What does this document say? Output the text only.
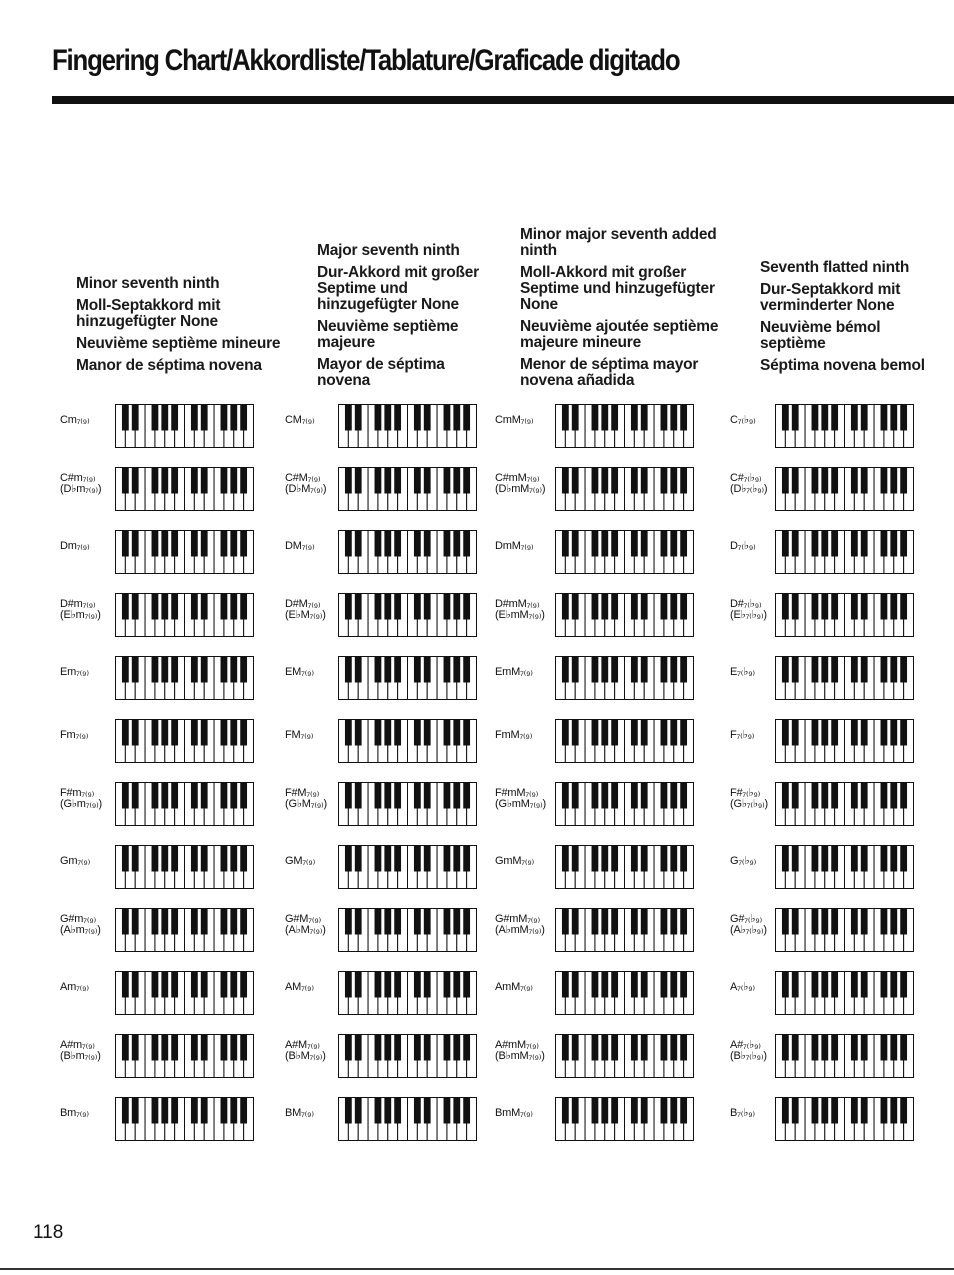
Fingering Chart/Akkordliste/Tablature/Graficade digitado

Minor seventh ninth

Moll-Septakkord mit hinzugefügter None

Neuvième septième mineure

Manor de séptima novena

Major seventh ninth

Dur-Akkord mit großer Septime und hinzugefügter None

Neuvième septième majeure

Mayor de séptima novena

Minor major seventh added ninth

Moll-Akkord mit großer Septime und hinzugefügter None

Neuvième ajoutée septième majeure mineure

Menor de séptima mayor novena añadida

Seventh flatted ninth

Dur-Septakkord mit verminderter None

Neuvième bémol septième

Séptima novena bemol

Cm₇₍₉₎
C#m₇₍₉₎
(D♭m₇₍₉₎)
Dm₇₍₉₎
D#m₇₍₉₎
(E♭m₇₍₉₎)
Em₇₍₉₎
Fm₇₍₉₎
F#m₇₍₉₎
(G♭m₇₍₉₎)
Gm₇₍₉₎
G#m₇₍₉₎
(A♭m₇₍₉₎)
Am₇₍₉₎
A#m₇₍₉₎
(B♭m₇₍₉₎)
Bm₇₍₉₎
CM₇₍₉₎
C#M₇₍₉₎
(D♭M₇₍₉₎)
DM₇₍₉₎
D#M₇₍₉₎
(E♭M₇₍₉₎)
EM₇₍₉₎
FM₇₍₉₎
F#M₇₍₉₎
(G♭M₇₍₉₎)
GM₇₍₉₎
G#M₇₍₉₎
(A♭M₇₍₉₎)
AM₇₍₉₎
A#M₇₍₉₎
(B♭M₇₍₉₎)
BM₇₍₉₎
CmM₇₍₉₎
C#mM₇₍₉₎
(D♭mM₇₍₉₎)
DmM₇₍₉₎
D#mM₇₍₉₎
(E♭mM₇₍₉₎)
EmM₇₍₉₎
FmM₇₍₉₎
F#mM₇₍₉₎
(G♭mM₇₍₉₎)
GmM₇₍₉₎
G#mM₇₍₉₎
(A♭mM₇₍₉₎)
AmM₇₍₉₎
A#mM₇₍₉₎
(B♭mM₇₍₉₎)
BmM₇₍₉₎
C₇₍♭₉₎
C#₇₍♭₉₎
(D♭₇₍♭₉₎)
D₇₍♭₉₎
D#₇₍♭₉₎
(E♭₇₍♭₉₎)
E₇₍♭₉₎
F₇₍♭₉₎
F#₇₍♭₉₎
(G♭₇₍♭₉₎)
G₇₍♭₉₎
G#₇₍♭₉₎
(A♭₇₍♭₉₎)
A₇₍♭₉₎
A#₇₍♭₉₎
(B♭₇₍♭₉₎)
B₇₍♭₉₎
118
